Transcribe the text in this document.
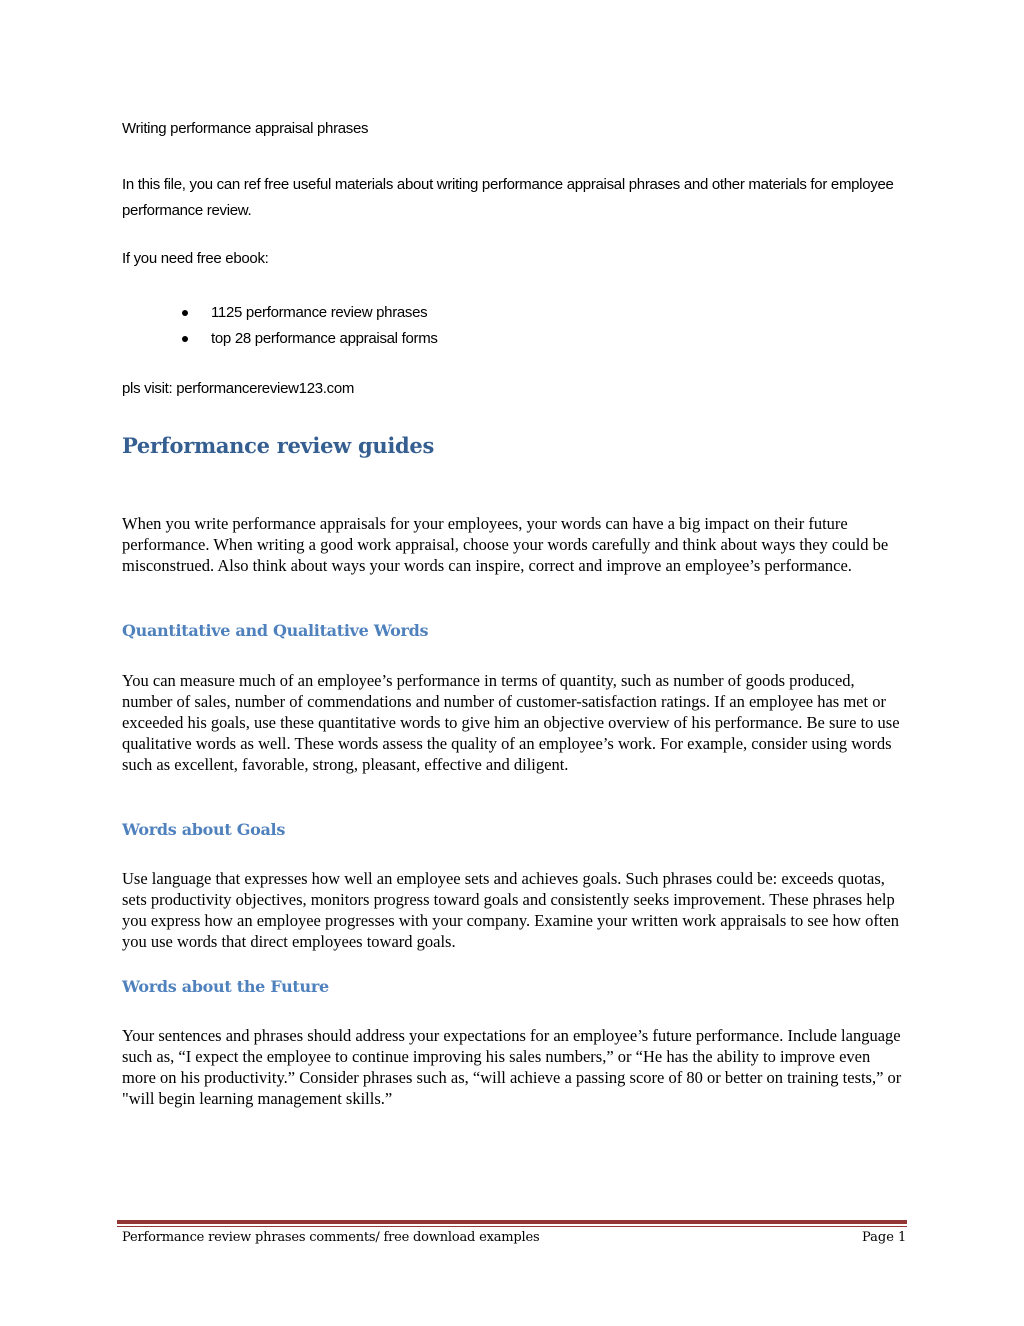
Writing performance appraisal phrases
In this file, you can ref free useful materials about writing performance appraisal phrases and other materials for employee performance review.
If you need free ebook:
1125 performance review phrases
top 28 performance appraisal forms
pls visit: performancereview123.com
Performance review guides
When you write performance appraisals for your employees, your words can have a big impact on their future performance. When writing a good work appraisal, choose your words carefully and think about ways they could be misconstrued. Also think about ways your words can inspire, correct and improve an employee’s performance.
Quantitative and Qualitative Words
You can measure much of an employee’s performance in terms of quantity, such as number of goods produced, number of sales, number of commendations and number of customer-satisfaction ratings. If an employee has met or exceeded his goals, use these quantitative words to give him an objective overview of his performance. Be sure to use qualitative words as well. These words assess the quality of an employee’s work. For example, consider using words such as excellent, favorable, strong, pleasant, effective and diligent.
Words about Goals
Use language that expresses how well an employee sets and achieves goals. Such phrases could be: exceeds quotas, sets productivity objectives, monitors progress toward goals and consistently seeks improvement. These phrases help you express how an employee progresses with your company. Examine your written work appraisals to see how often you use words that direct employees toward goals.
Words about the Future
Your sentences and phrases should address your expectations for an employee’s future performance. Include language such as, “I expect the employee to continue improving his sales numbers,” or “He has the ability to improve even more on his productivity.” Consider phrases such as, “will achieve a passing score of 80 or better on training tests,” or "will begin learning management skills.”
Performance review phrases comments/ free download examples	Page 1
